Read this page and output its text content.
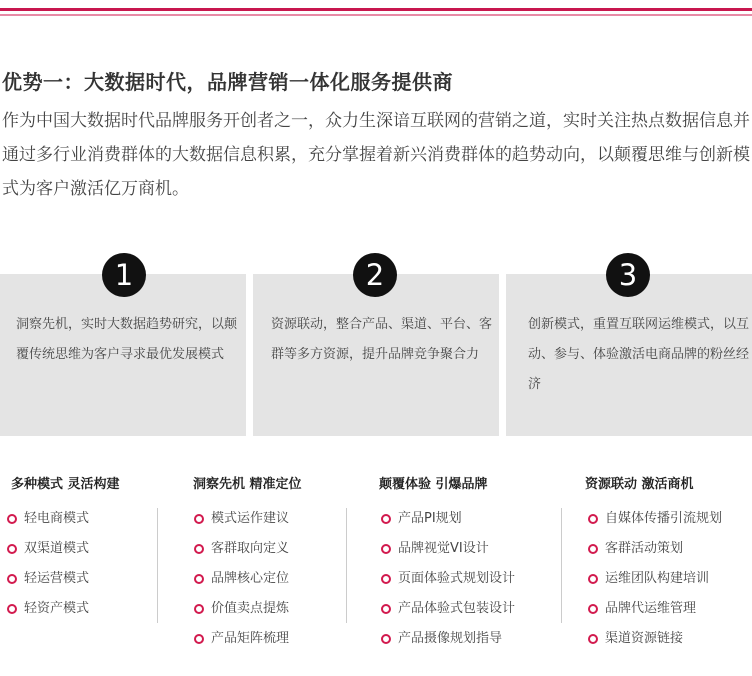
优势一：大数据时代，品牌营销一体化服务提供商

作为中国大数据时代品牌服务开创者之一，众力生深谙互联网的营销之道，实时关注热点数据信息并通过多行业消费群体的大数据信息积累，充分掌握着新兴消费群体的趋势动向，以颠覆思维与创新模式为客户激活亿万商机。

洞察先机，实时大数据趋势研究，以颠覆传统思维为客户寻求最优发展模式

资源联动，整合产品、渠道、平台、客群等多方资源，提升品牌竞争聚合力

创新模式，重置互联网运维模式，以互动、参与、体验激活电商品牌的粉丝经济

1	2	3
多种模式 灵活构建
轻电商模式
双渠道模式
轻运营模式
轻资产模式
洞察先机 精准定位
模式运作建议
客群取向定义
品牌核心定位
价值卖点提炼
产品矩阵梳理
颠覆体验 引爆品牌
产品PI规划
品牌视觉VI设计
页面体验式规划设计
产品体验式包装设计
产品摄像规划指导
资源联动 激活商机
自媒体传播引流规划
客群活动策划
运维团队构建培训
品牌代运维管理
渠道资源链接
